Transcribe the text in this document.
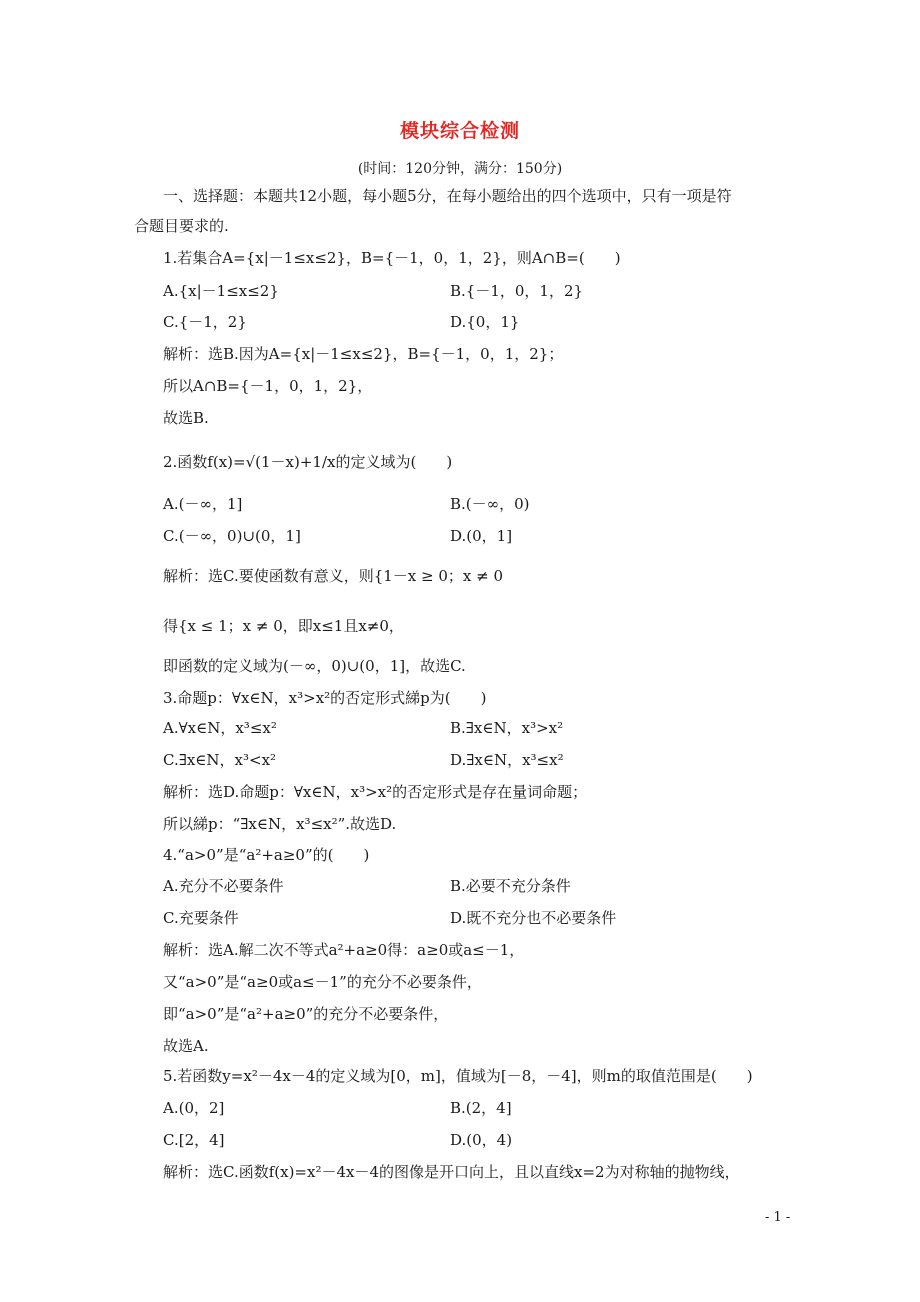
模块综合检测
(时间：120分钟，满分：150分)
一、选择题：本题共12小题，每小题5分，在每小题给出的四个选项中，只有一项是符
合题目要求的.
1.若集合A={x|－1≤x≤2}，B={－1，0，1，2}，则A∩B=(　　)
A.{x|－1≤x≤2}	B.{－1，0，1，2}
C.{－1，2}	D.{0，1}
解析：选B.因为A={x|－1≤x≤2}，B={－1，0，1，2}；
所以A∩B={－1，0，1，2}，
故选B.
2.函数f(x)=√(1－x)+1/x的定义域为(　　)
A.(－∞，1]	B.(－∞，0)
C.(－∞，0)∪(0，1]	D.(0，1]
解析：选C.要使函数有意义，则{1－x ≥ 0；x ≠ 0
得{x ≤ 1；x ≠ 0，即x≤1且x≠0，
即函数的定义域为(－∞，0)∪(0，1]，故选C.
3.命题p：∀x∈N，x³>x²的否定形式綈p为(　　)
A.∀x∈N，x³≤x²	B.∃x∈N，x³>x²
C.∃x∈N，x³<x²	D.∃x∈N，x³≤x²
解析：选D.命题p：∀x∈N，x³>x²的否定形式是存在量词命题；
所以綈p：“∃x∈N，x³≤x²”.故选D.
4.“a>0”是“a²+a≥0”的(　　)
A.充分不必要条件	B.必要不充分条件
C.充要条件	D.既不充分也不必要条件
解析：选A.解二次不等式a²+a≥0得：a≥0或a≤－1，
又“a>0”是“a≥0或a≤－1”的充分不必要条件，
即“a>0”是“a²+a≥0”的充分不必要条件，
故选A.
5.若函数y=x²－4x－4的定义域为[0，m]，值域为[－8，－4]，则m的取值范围是(　　)
A.(0，2]	B.(2，4]
C.[2，4]	D.(0，4)
解析：选C.函数f(x)=x²－4x－4的图像是开口向上，且以直线x=2为对称轴的抛物线，
- 1 -
